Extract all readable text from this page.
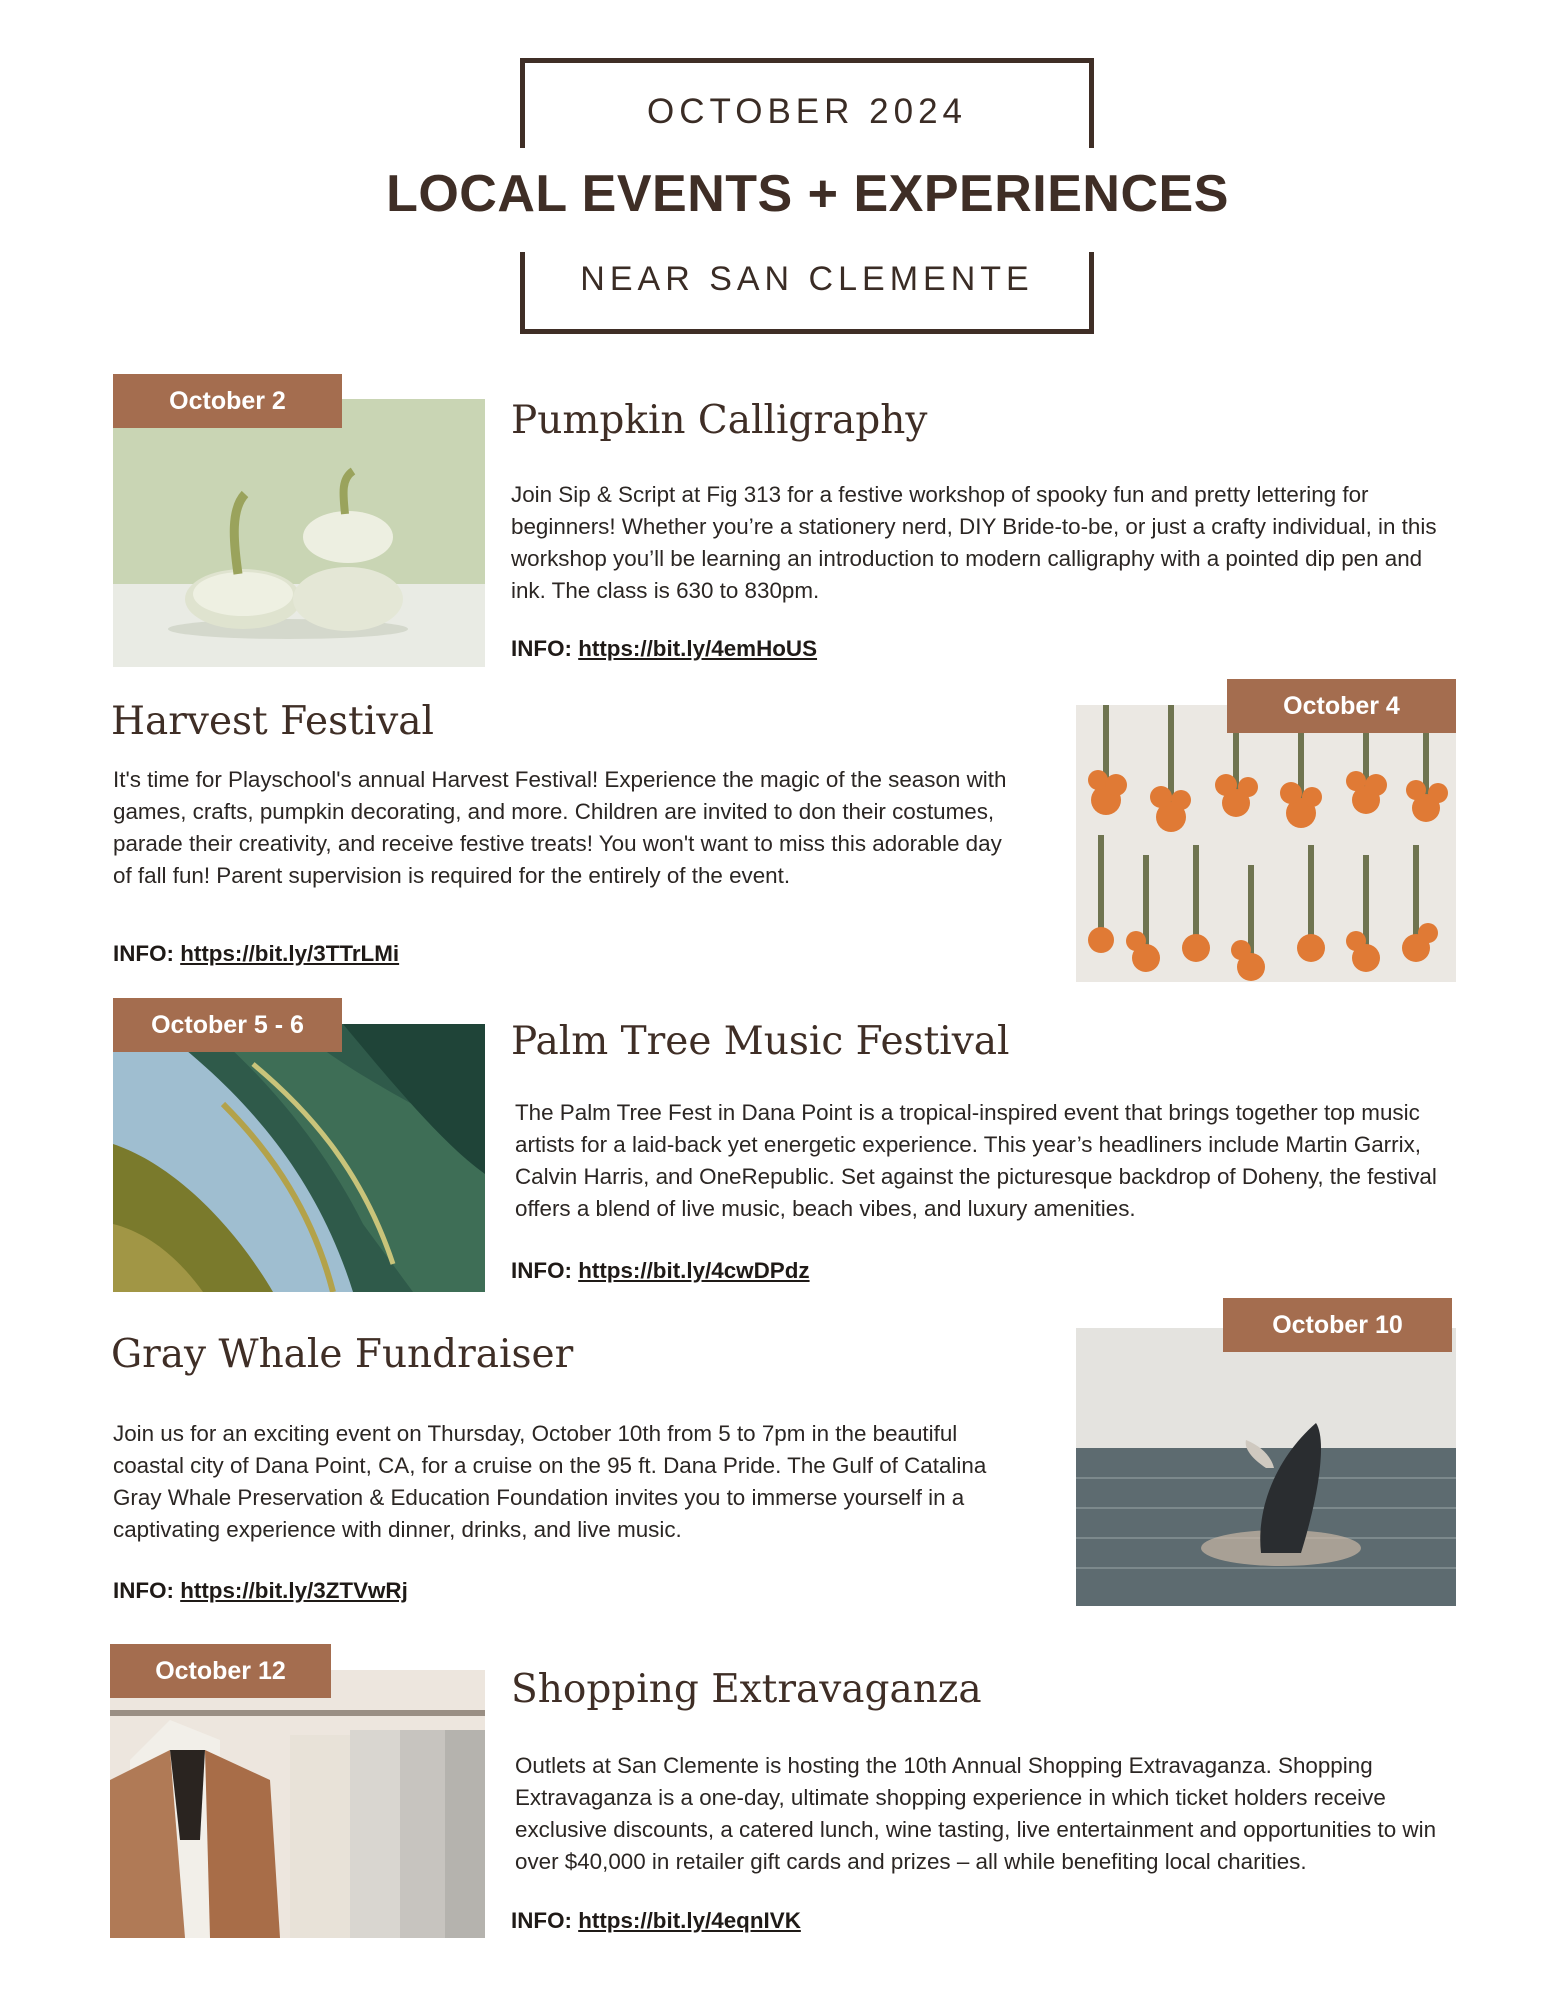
OCTOBER 2024
LOCAL EVENTS + EXPERIENCES
NEAR SAN CLEMENTE
October 2	Pumpkin Calligraphy
Join Sip & Script at Fig 313 for a festive workshop of spooky fun and pretty lettering for beginners! Whether you’re a stationery nerd, DIY Bride-to-be, or just a crafty individual, in this workshop you’ll be learning an introduction to modern calligraphy with a pointed dip pen and ink. The class is 630 to 830pm.
INFO: https://bit.ly/4emHoUS
October 4
Harvest Festival
It's time for Playschool's annual Harvest Festival! Experience the magic of the season with games, crafts, pumpkin decorating, and more. Children are invited to don their costumes, parade their creativity, and receive festive treats! You won't want to miss this adorable day of fall fun! Parent supervision is required for the entirely of the event.
INFO: https://bit.ly/3TTrLMi
October 5 - 6	Palm Tree Music Festival
The Palm Tree Fest in Dana Point is a tropical-inspired event that brings together top music artists for a laid-back yet energetic experience. This year’s headliners include Martin Garrix, Calvin Harris, and OneRepublic. Set against the picturesque backdrop of Doheny, the festival offers a blend of live music, beach vibes, and luxury amenities.
INFO: https://bit.ly/4cwDPdz
October 10
Gray Whale Fundraiser
Join us for an exciting event on Thursday, October 10th from 5 to 7pm in the beautiful coastal city of Dana Point, CA, for a cruise on the 95 ft. Dana Pride. The Gulf of Catalina Gray Whale Preservation & Education Foundation invites you to immerse yourself in a captivating experience with dinner, drinks, and live music.
INFO: https://bit.ly/3ZTVwRj
October 12	Shopping Extravaganza
Outlets at San Clemente is hosting the 10th Annual Shopping Extravaganza. Shopping Extravaganza is a one-day, ultimate shopping experience in which ticket holders receive exclusive discounts, a catered lunch, wine tasting, live entertainment and opportunities to win over $40,000 in retailer gift cards and prizes – all while benefiting local charities.
INFO: https://bit.ly/4eqnIVK
